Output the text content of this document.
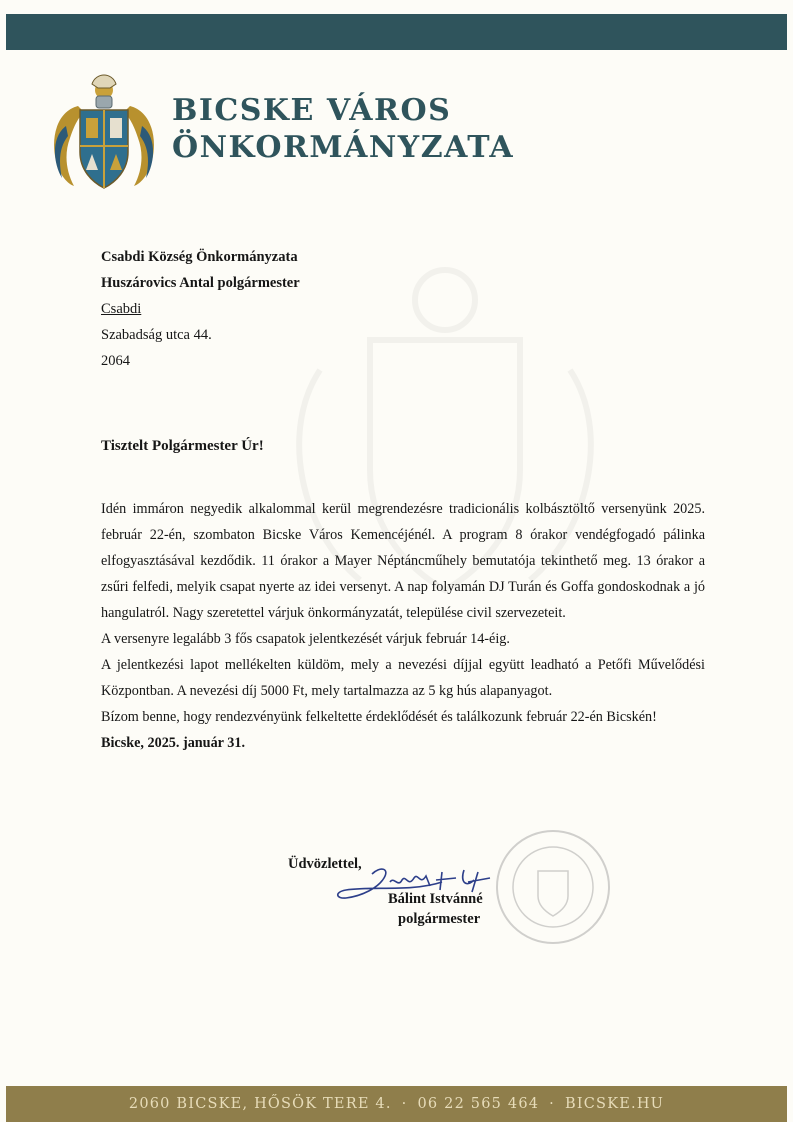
BICSKE VÁROS
ÖNKORMÁNYZATA
Csabdi Község Önkormányzata
Huszárovics Antal polgármester
Csabdi
Szabadság utca 44.
2064
Tisztelt Polgármester Úr!

Idén immáron negyedik alkalommal kerül megrendezésre tradicionális kolbásztöltő versenyünk 2025. február 22-én, szombaton Bicske Város Kemencéjénél. A program 8 órakor vendégfogadó pálinka elfogyasztásával kezdődik. 11 órakor a Mayer Néptáncműhely bemutatója tekinthető meg. 13 órakor a zsűri felfedi, melyik csapat nyerte az idei versenyt. A nap folyamán DJ Turán és Goffa gondoskodnak a jó hangulatról. Nagy szeretettel várjuk önkormányzatát, települése civil szervezeteit.

A versenyre legalább 3 fős csapatok jelentkezését várjuk február 14-éig.

A jelentkezési lapot mellékelten küldöm, mely a nevezési díjjal együtt leadható a Petőfi Művelődési Központban. A nevezési díj 5000 Ft, mely tartalmazza az 5 kg hús alapanyagot.

Bízom benne, hogy rendezvényünk felkeltette érdeklődését és találkozunk február 22-én Bicskén!

Bicske, 2025. január 31.

Üdvözlettel,
Bálint Istvánné
polgármester
2060 BICSKE, HŐSÖK TERE 4. · 06 22 565 464 · BICSKE.HU
